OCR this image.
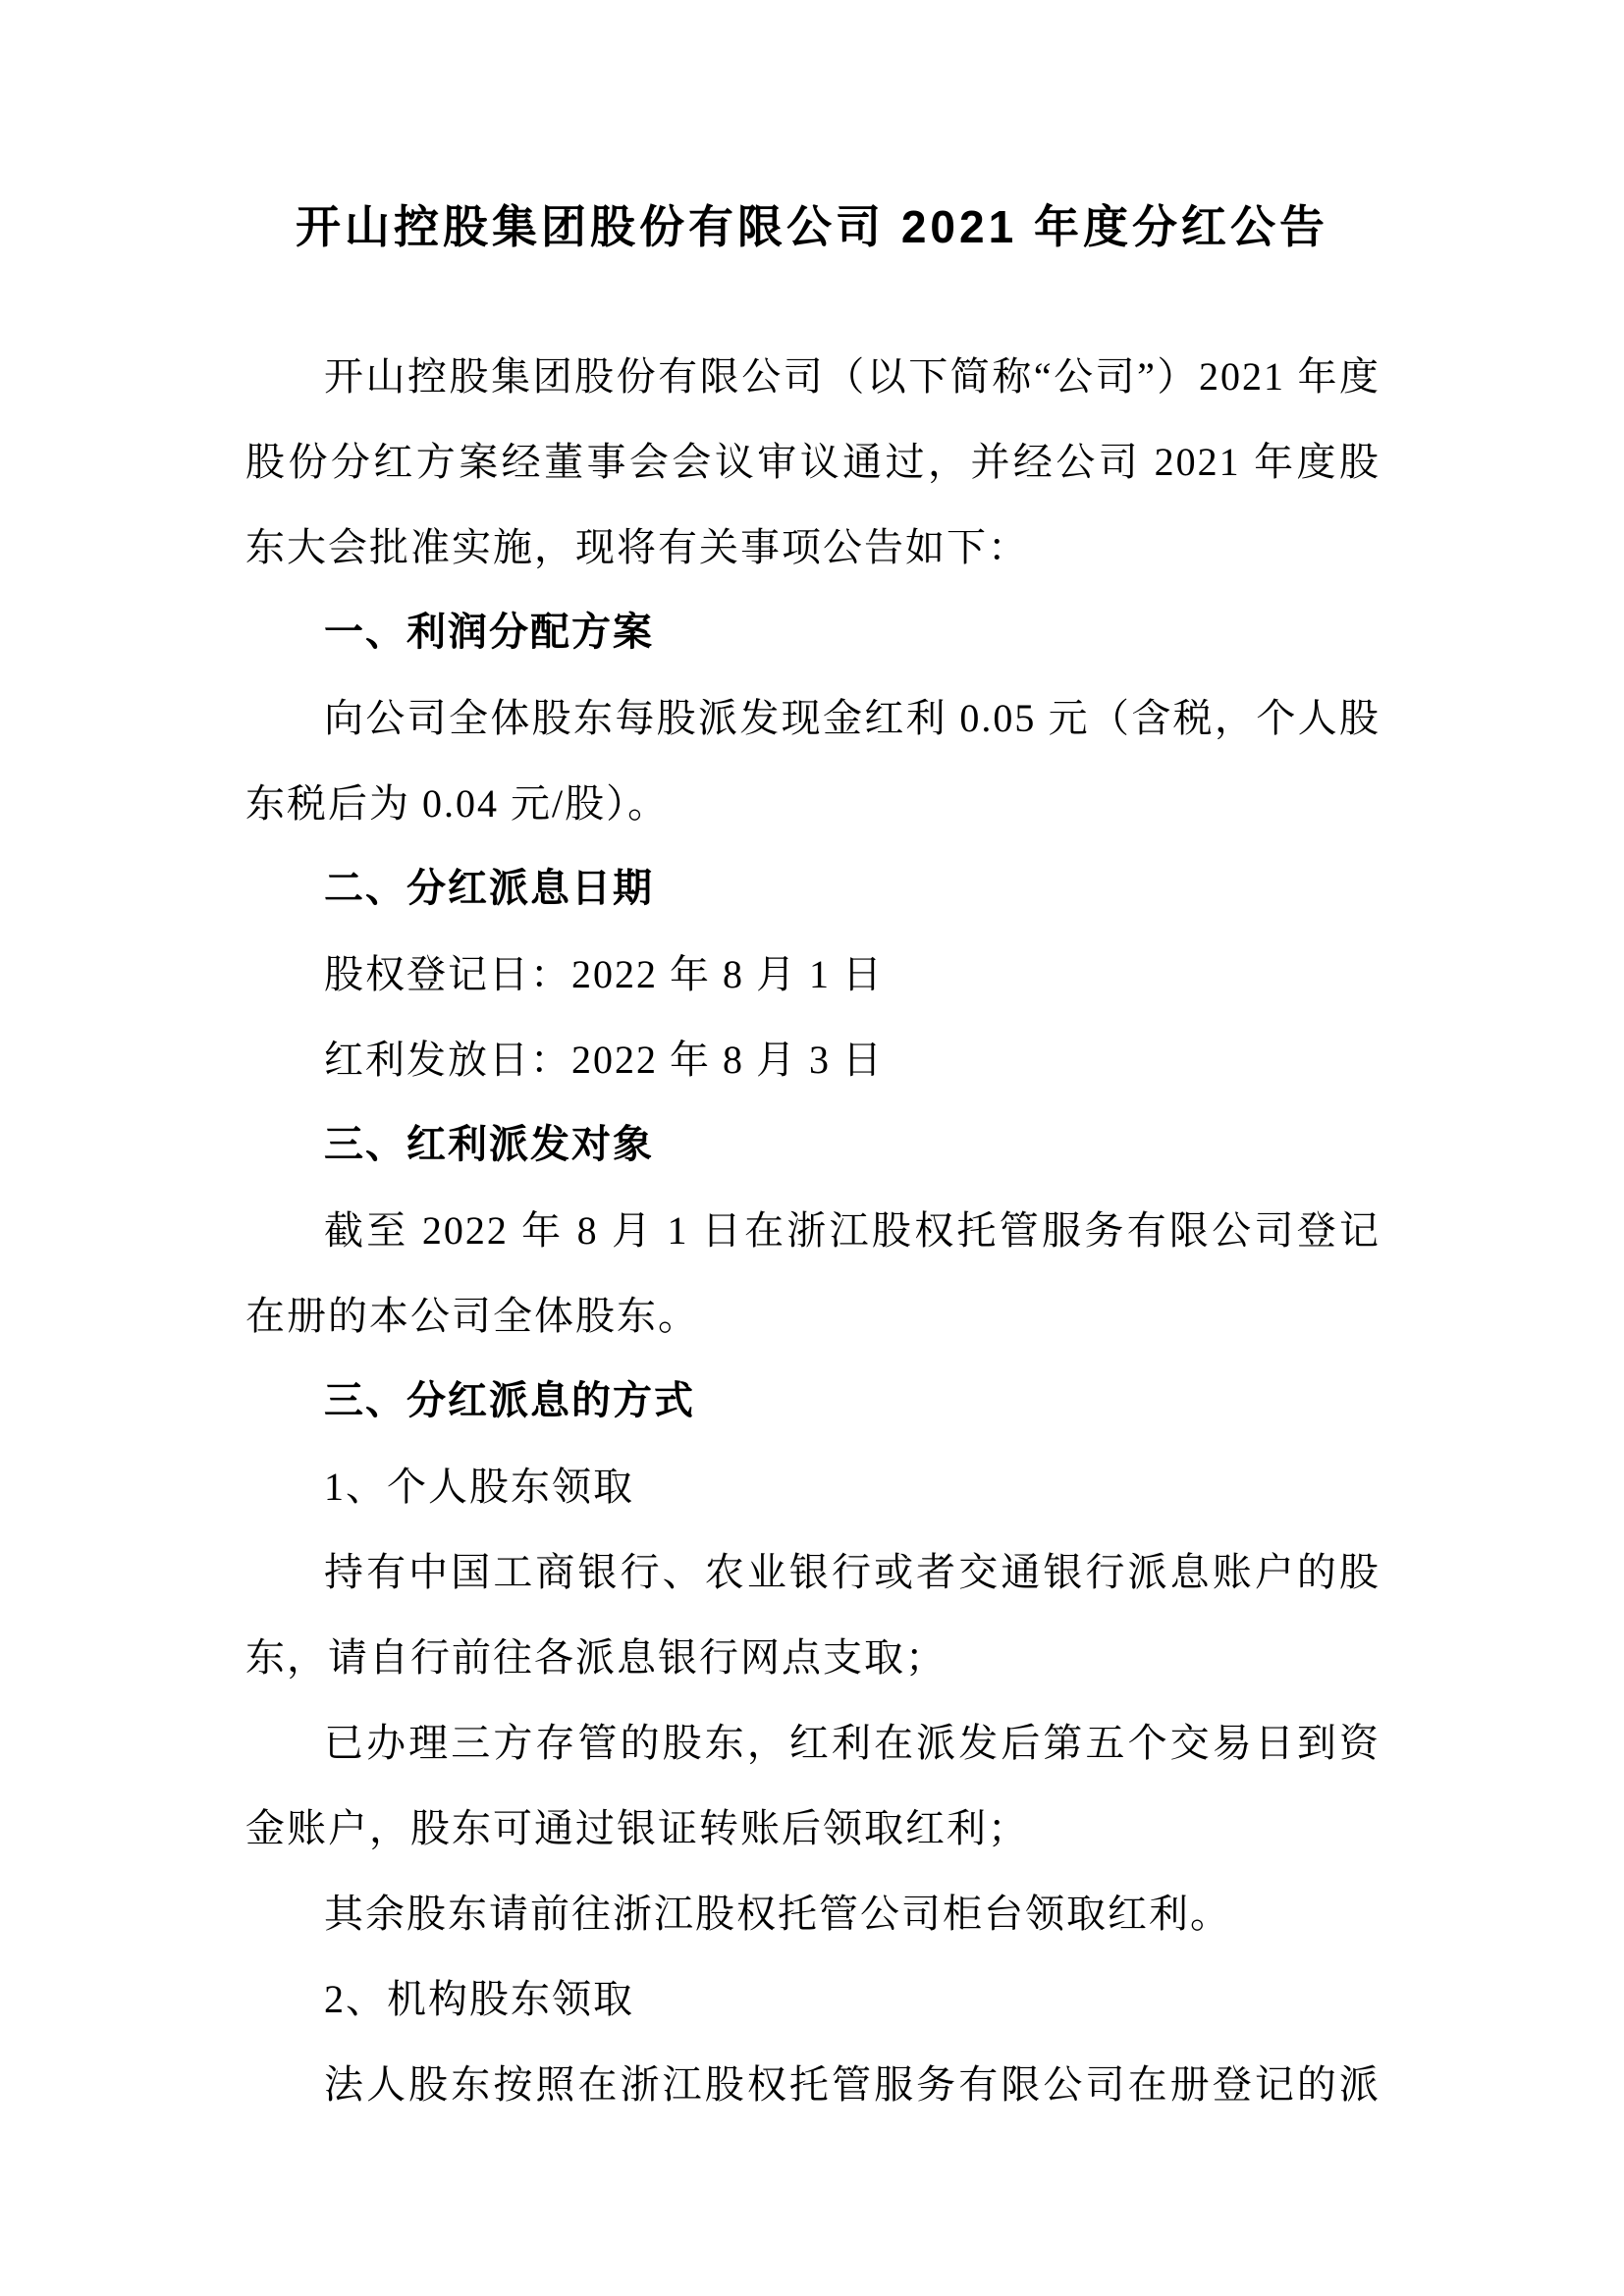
开山控股集团股份有限公司 2021 年度分红公告

开山控股集团股份有限公司（以下简称“公司”）2021 年度股份分红方案经董事会会议审议通过，并经公司 2021 年度股东大会批准实施，现将有关事项公告如下：

一、利润分配方案

向公司全体股东每股派发现金红利 0.05 元（含税，个人股东税后为 0.04 元/股）。

二、分红派息日期

股权登记日：2022 年 8 月 1 日

红利发放日：2022 年 8 月 3 日

三、红利派发对象

截至 2022 年 8 月 1 日在浙江股权托管服务有限公司登记在册的本公司全体股东。

三、分红派息的方式

1、个人股东领取

持有中国工商银行、农业银行或者交通银行派息账户的股东，请自行前往各派息银行网点支取；

已办理三方存管的股东，红利在派发后第五个交易日到资金账户，股东可通过银证转账后领取红利；

其余股东请前往浙江股权托管公司柜台领取红利。

2、机构股东领取

法人股东按照在浙江股权托管服务有限公司在册登记的派
